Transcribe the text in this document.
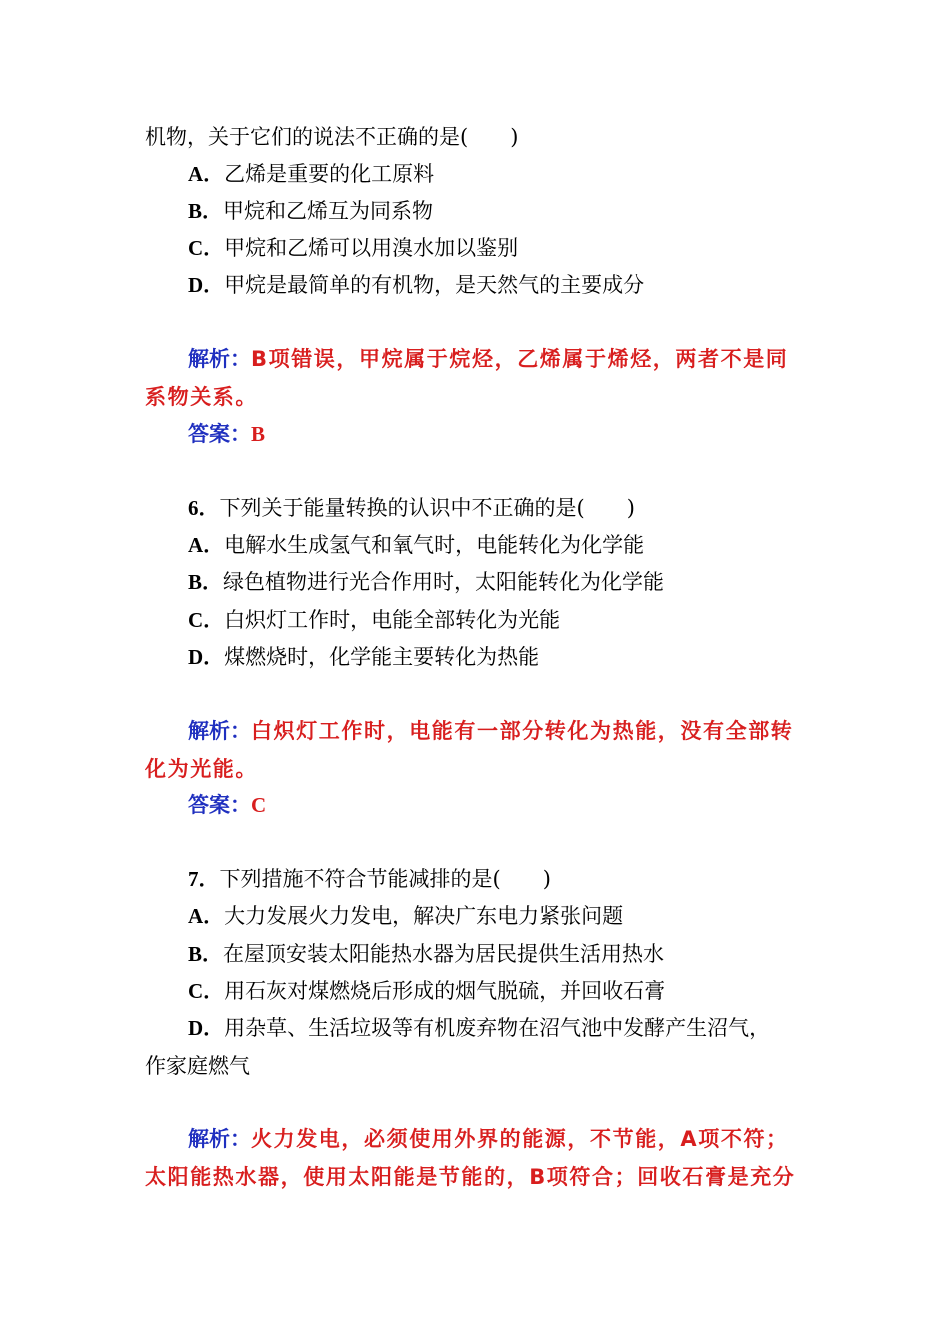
机物，关于它们的说法不正确的是(　　)
A．乙烯是重要的化工原料
B．甲烷和乙烯互为同系物
C．甲烷和乙烯可以用溴水加以鉴别
D．甲烷是最简单的有机物，是天然气的主要成分
解析：B项错误，甲烷属于烷烃，乙烯属于烯烃，两者不是同
系物关系。
答案：B
6．下列关于能量转换的认识中不正确的是(　　)
A．电解水生成氢气和氧气时，电能转化为化学能
B．绿色植物进行光合作用时，太阳能转化为化学能
C．白炽灯工作时，电能全部转化为光能
D．煤燃烧时，化学能主要转化为热能
解析：白炽灯工作时，电能有一部分转化为热能，没有全部转
化为光能。
答案：C
7．下列措施不符合节能减排的是(　　)
A．大力发展火力发电，解决广东电力紧张问题
B．在屋顶安装太阳能热水器为居民提供生活用热水
C．用石灰对煤燃烧后形成的烟气脱硫，并回收石膏
D．用杂草、生活垃圾等有机废弃物在沼气池中发酵产生沼气，
作家庭燃气
解析：火力发电，必须使用外界的能源，不节能，A项不符；
太阳能热水器，使用太阳能是节能的，B项符合；回收石膏是充分
